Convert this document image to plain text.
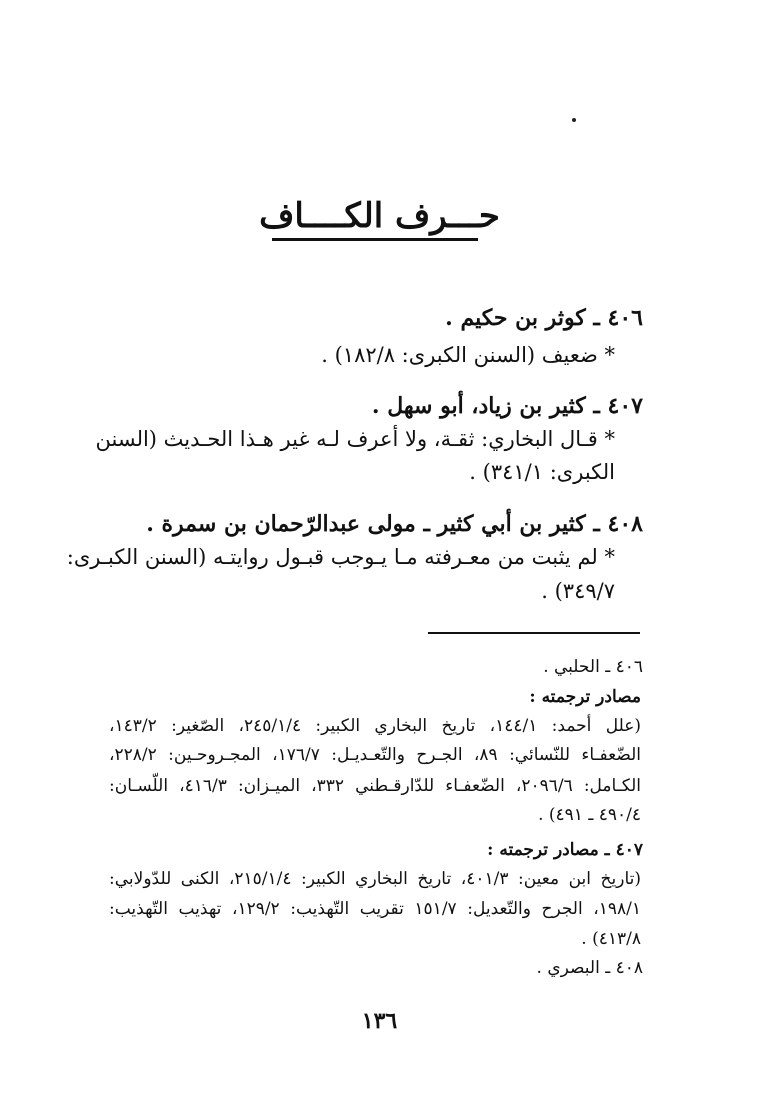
حـــرف الكــــاف
٤٠٦ ـ كوثر بن حكيم .
* ضعيف (السنن الكبرى: ١٨٢/٨) .
٤٠٧ ـ كثير بن زياد، أبو سهل .
* قـال البخاري: ثقـة، ولا أعرف لـه غير هـذا الحـديث (السنن
الكبرى: ٣٤١/١) .
٤٠٨ ـ كثير بن أبي كثير ـ مولى عبدالرّحمان بن سمرة .
* لم يثبت من معـرفته مـا يـوجب قبـول روايتـه (السنن الكبـرى:
٣٤٩/٧) .
٤٠٦ ـ الحلبي .
مصادر ترجمته :
(علل أحمد: ١٤٤/١، تاريخ البخاري الكبير: ٢٤٥/١/٤، الصّغير: ١٤٣/٢،
الضّعفـاء للنّسائي: ٨٩، الجـرح والتّعـديـل: ١٧٦/٧، المجـروحـين: ٢٢٨/٢،
الكـامل: ٢٠٩٦/٦، الضّعفـاء للدّارقـطني ٣٣٢، الميـزان: ٤١٦/٣، اللّسـان:
٤٩٠/٤ ـ ٤٩١) .
٤٠٧ ـ مصادر ترجمته :
(تاريخ ابن معين: ٤٠١/٣، تاريخ البخاري الكبير: ٢١٥/١/٤، الكنى للدّولابي:
١٩٨/١، الجرح والتّعديل: ١٥١/٧ تقريب التّهذيب: ١٢٩/٢، تهذيب التّهذيب:
٤١٣/٨) .
٤٠٨ ـ البصري .
١٣٦
